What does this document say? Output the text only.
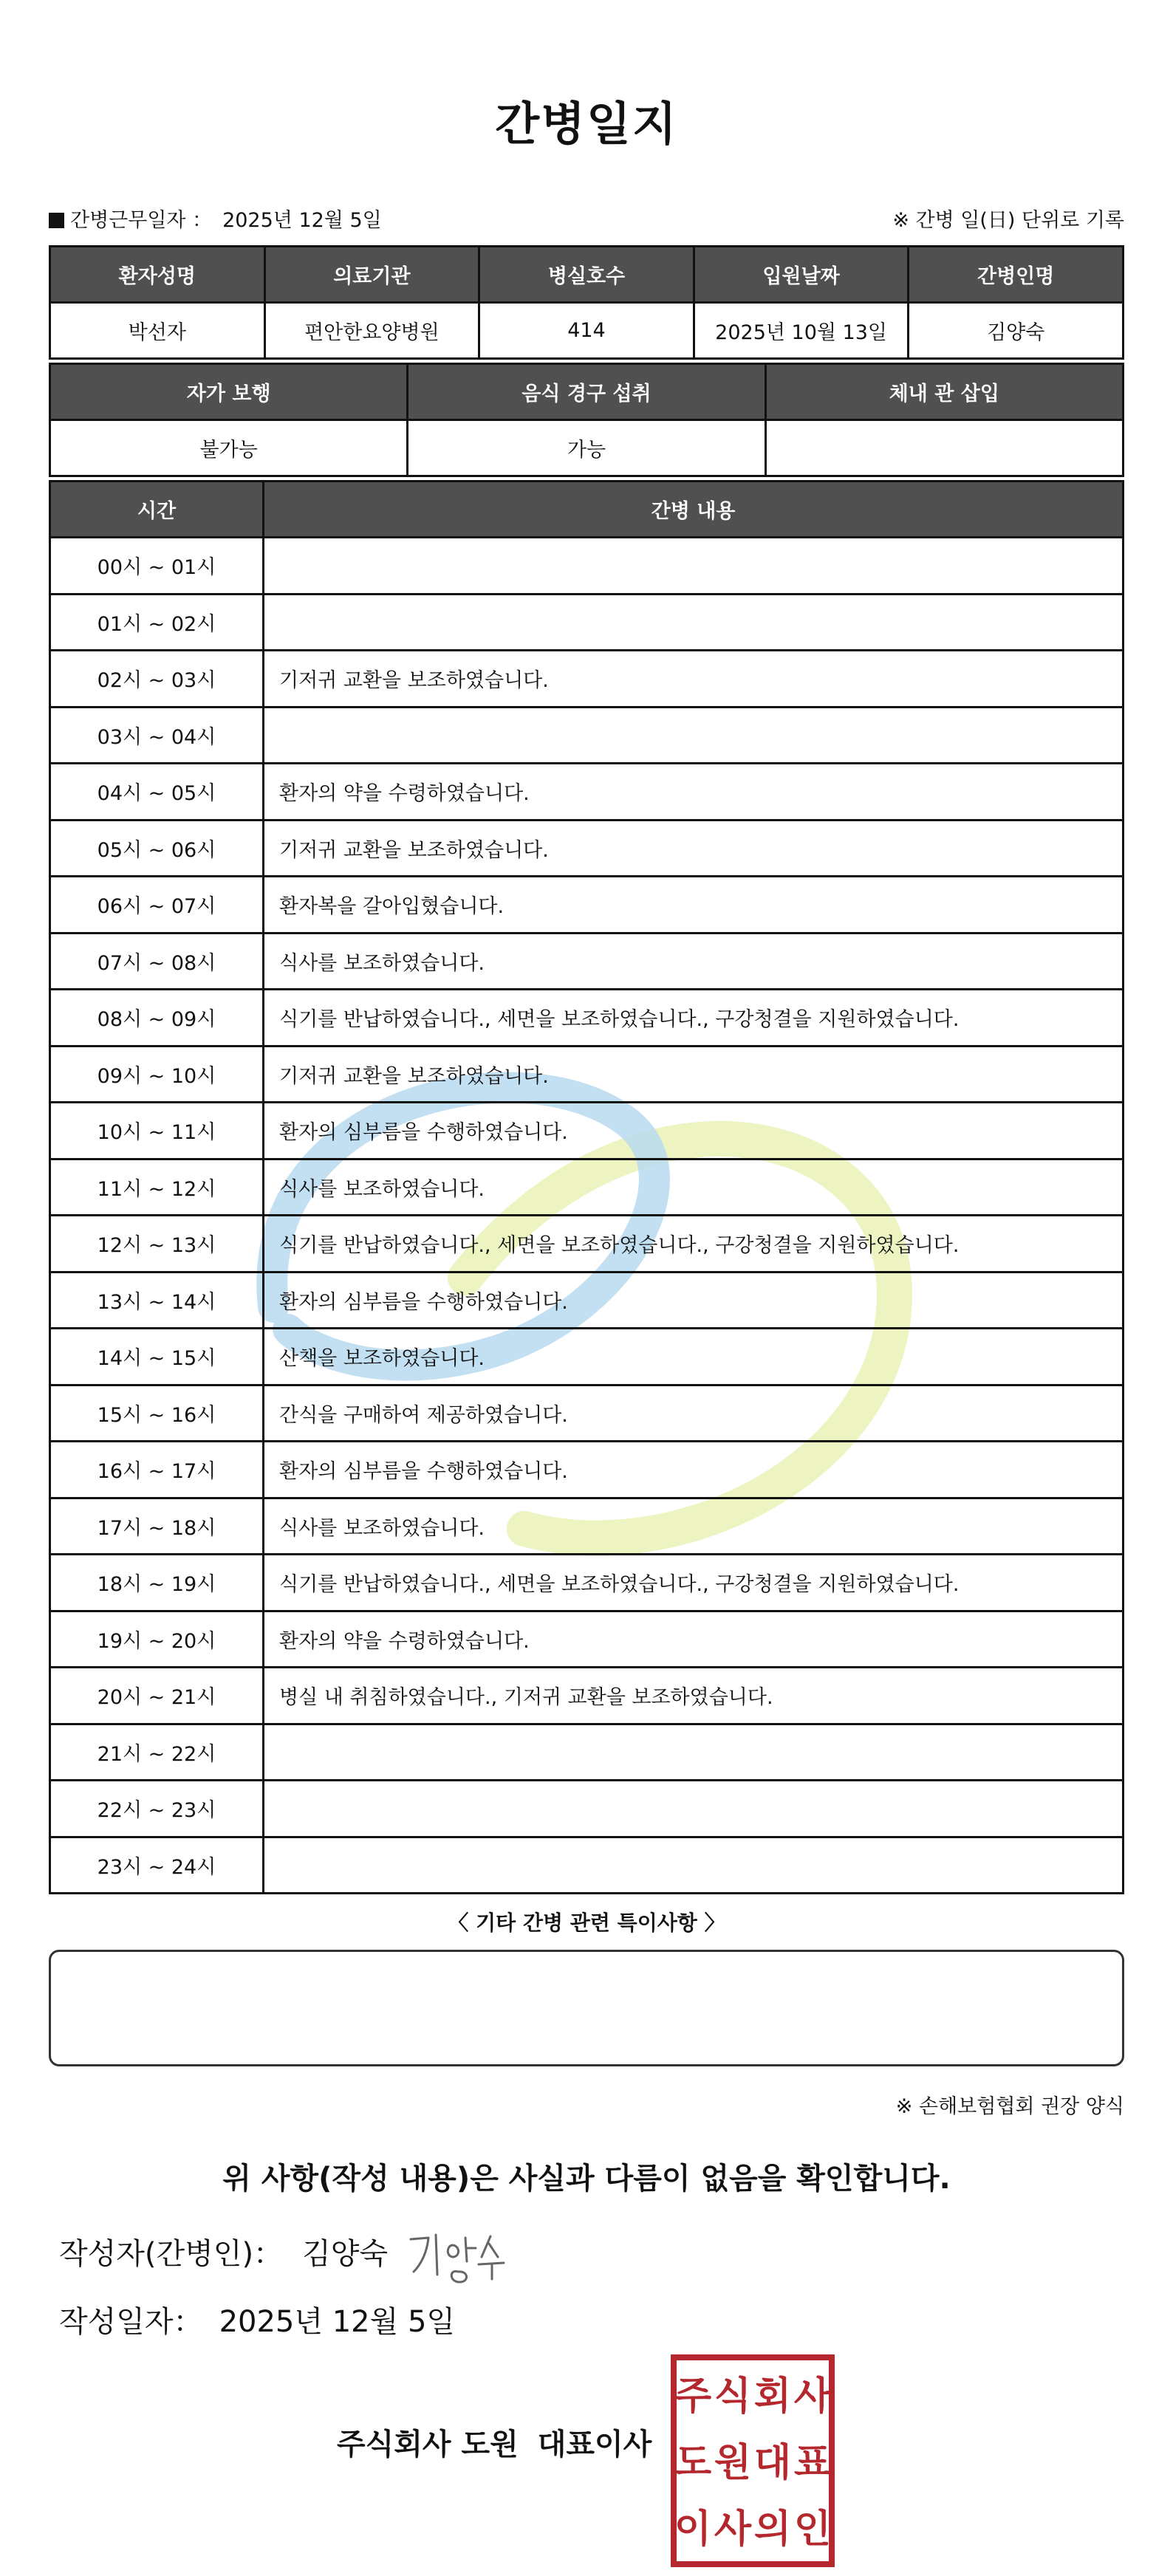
간병일지
간병근무일자 ： 2025년 12월 5일	※ 간병 일(日) 단위로 기록
환자성명	의료기관	병실호수	입원날짜	간병인명
박선자	편안한요양병원	414	2025년 10월 13일	김양숙
자가 보행	음식 경구 섭취	체내 관 삽입
불가능	가능	
시간	간병 내용
00시 ~ 01시	
01시 ~ 02시	
02시 ~ 03시	기저귀 교환을 보조하였습니다.
03시 ~ 04시	
04시 ~ 05시	환자의 약을 수령하였습니다.
05시 ~ 06시	기저귀 교환을 보조하였습니다.
06시 ~ 07시	환자복을 갈아입혔습니다.
07시 ~ 08시	식사를 보조하였습니다.
08시 ~ 09시	식기를 반납하였습니다., 세면을 보조하였습니다., 구강청결을 지원하였습니다.
09시 ~ 10시	기저귀 교환을 보조하였습니다.
10시 ~ 11시	환자의 심부름을 수행하였습니다.
11시 ~ 12시	식사를 보조하였습니다.
12시 ~ 13시	식기를 반납하였습니다., 세면을 보조하였습니다., 구강청결을 지원하였습니다.
13시 ~ 14시	환자의 심부름을 수행하였습니다.
14시 ~ 15시	산책을 보조하였습니다.
15시 ~ 16시	간식을 구매하여 제공하였습니다.
16시 ~ 17시	환자의 심부름을 수행하였습니다.
17시 ~ 18시	식사를 보조하였습니다.
18시 ~ 19시	식기를 반납하였습니다., 세면을 보조하였습니다., 구강청결을 지원하였습니다.
19시 ~ 20시	환자의 약을 수령하였습니다.
20시 ~ 21시	병실 내 취침하였습니다., 기저귀 교환을 보조하였습니다.
21시 ~ 22시	
22시 ~ 23시	
23시 ~ 24시	
〈 기타 간병 관련 특이사항 〉
※ 손해보험협회 권장 양식
위 사항(작성 내용)은 사실과 다름이 없음을 확인합니다.
작성자(간병인)： 김양숙
작성일자： 2025년 12월 5일
주식회사 도원 대표이사
주 식 회 사
도 원 대 표
이 사 의 인
